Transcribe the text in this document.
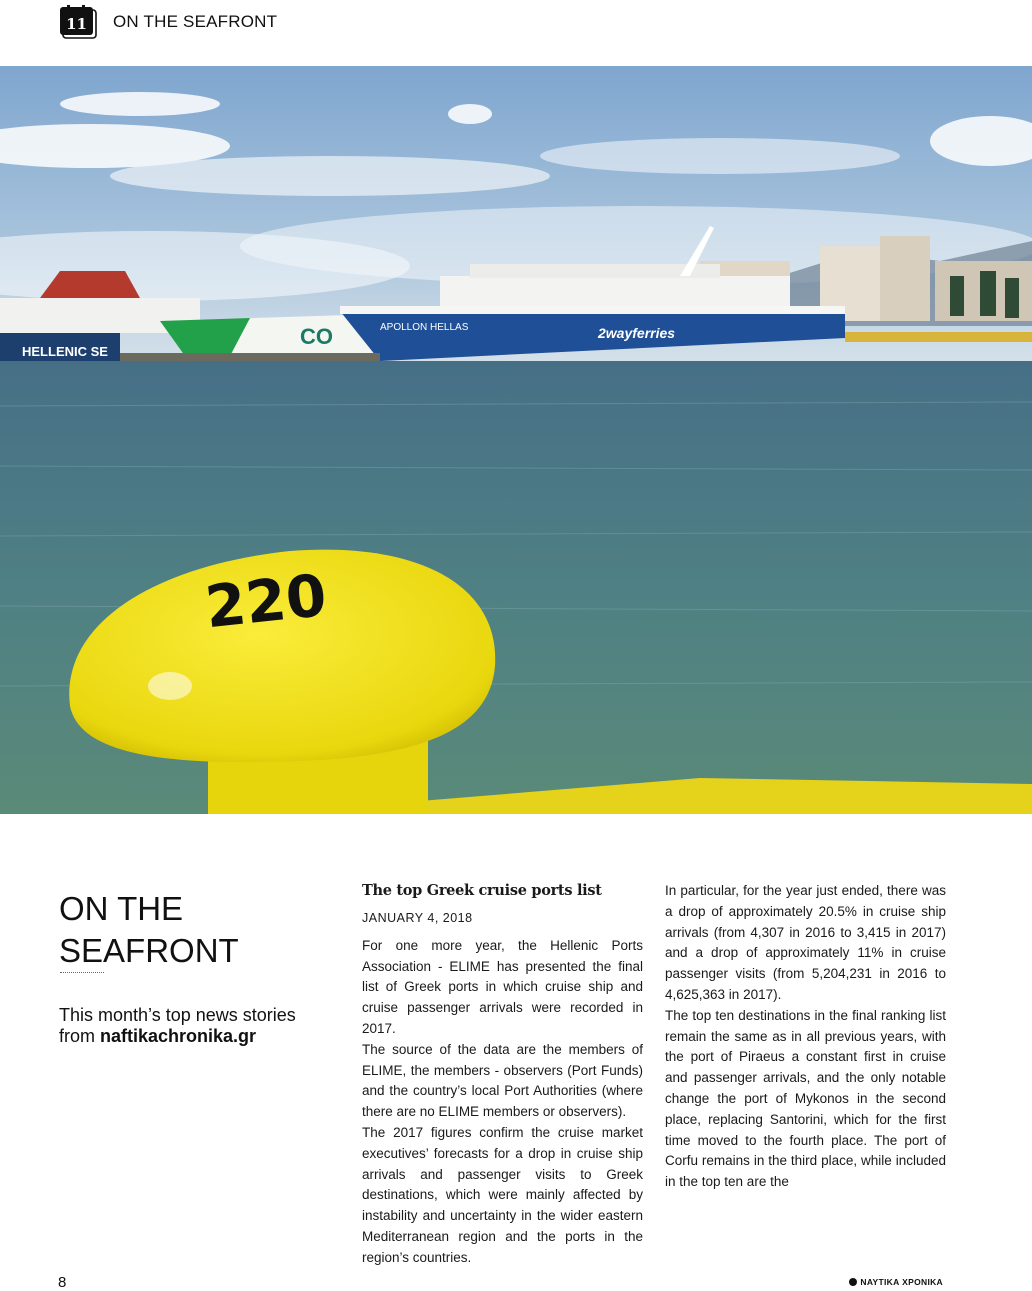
11 ON THE SEAFRONT
HELLENIC SE
CO	APOLLON HELLAS	2wayferries
220
ON THE
SEAFRONT
This month’s top news stories from naftikachronika.gr
The top Greek cruise ports list
JANUARY 4, 2018

For one more year, the Hellenic Ports Association - ELIME has presented the final list of Greek ports in which cruise ship and cruise passenger arrivals were recorded in 2017.

The source of the data are the members of ELIME, the members - observers (Port Funds) and the country’s local Port Authorities (where there are no ELIME members or observers).

The 2017 figures confirm the cruise market executives’ forecasts for a drop in cruise ship arrivals and passenger visits to Greek destinations, which were mainly affected by instability and uncertainty in the wider eastern Mediterranean region and the ports in the region’s countries.

In particular, for the year just ended, there was a drop of approximately 20.5% in cruise ship arrivals (from 4,307 in 2016 to 3,415 in 2017) and a drop of approximately 11% in cruise passenger visits (from 5,204,231 in 2016 to 4,625,363 in 2017).

The top ten destinations in the final ranking list remain the same as in all previous years, with the port of Piraeus a constant first in cruise and passenger arrivals, and the only notable change the port of Mykonos in the second place, replacing Santorini, which for the first time moved to the fourth place. The port of Corfu remains in the third place, while included in the top ten are the

8	ΝΑΥΤΙΚΑ ΧΡΟΝΙΚΑ
